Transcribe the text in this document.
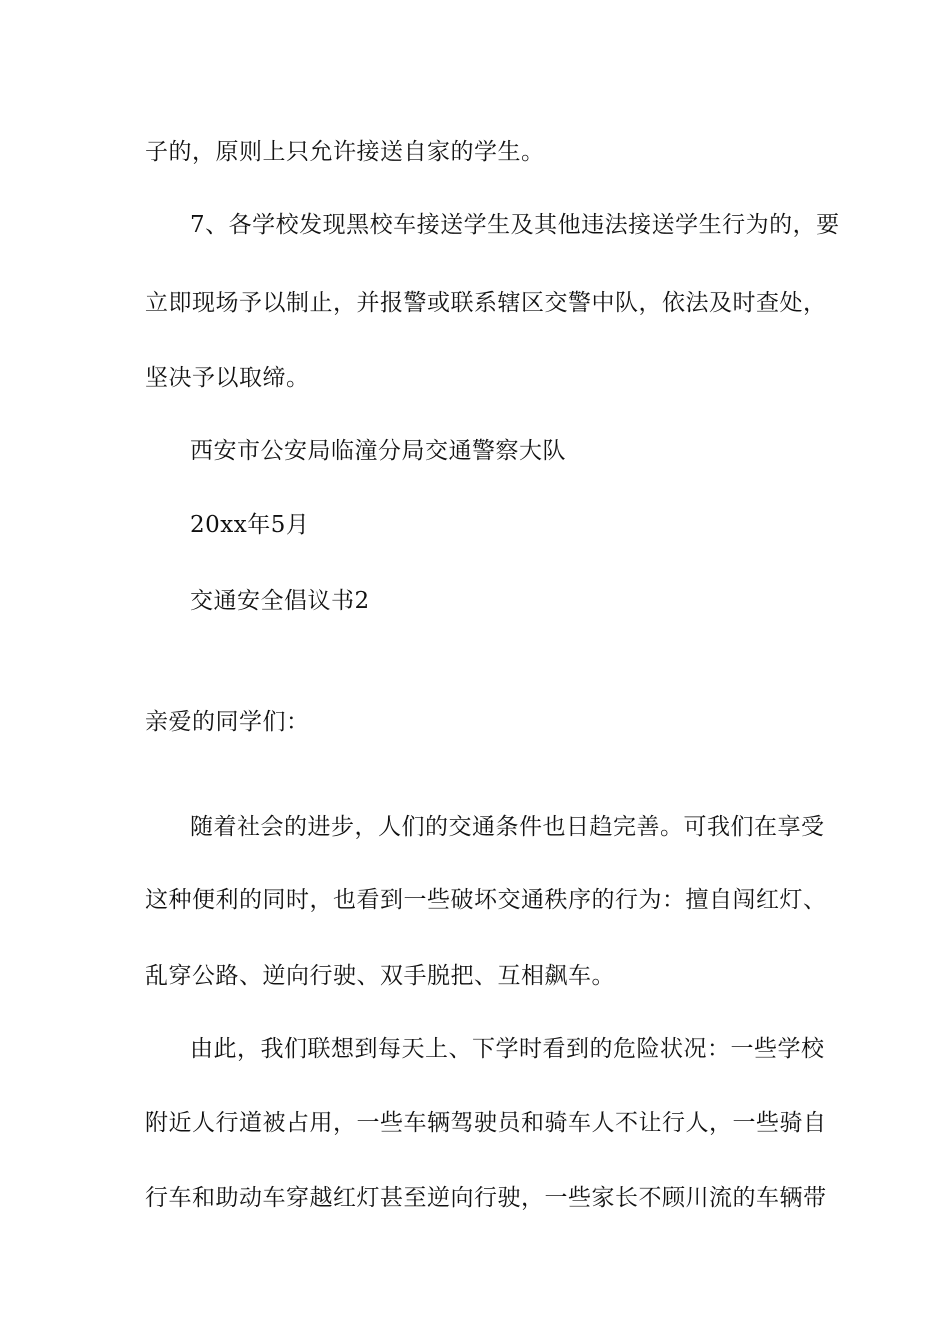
子的，原则上只允许接送自家的学生。
7、各学校发现黑校车接送学生及其他违法接送学生行为的，要
立即现场予以制止，并报警或联系辖区交警中队，依法及时查处，
坚决予以取缔。
西安市公安局临潼分局交通警察大队
20xx年5月
交通安全倡议书2
亲爱的同学们：
随着社会的进步，人们的交通条件也日趋完善。可我们在享受
这种便利的同时，也看到一些破坏交通秩序的行为：擅自闯红灯、
乱穿公路、逆向行驶、双手脱把、互相飙车。
由此，我们联想到每天上、下学时看到的危险状况：一些学校
附近人行道被占用，一些车辆驾驶员和骑车人不让行人，一些骑自
行车和助动车穿越红灯甚至逆向行驶，一些家长不顾川流的车辆带
